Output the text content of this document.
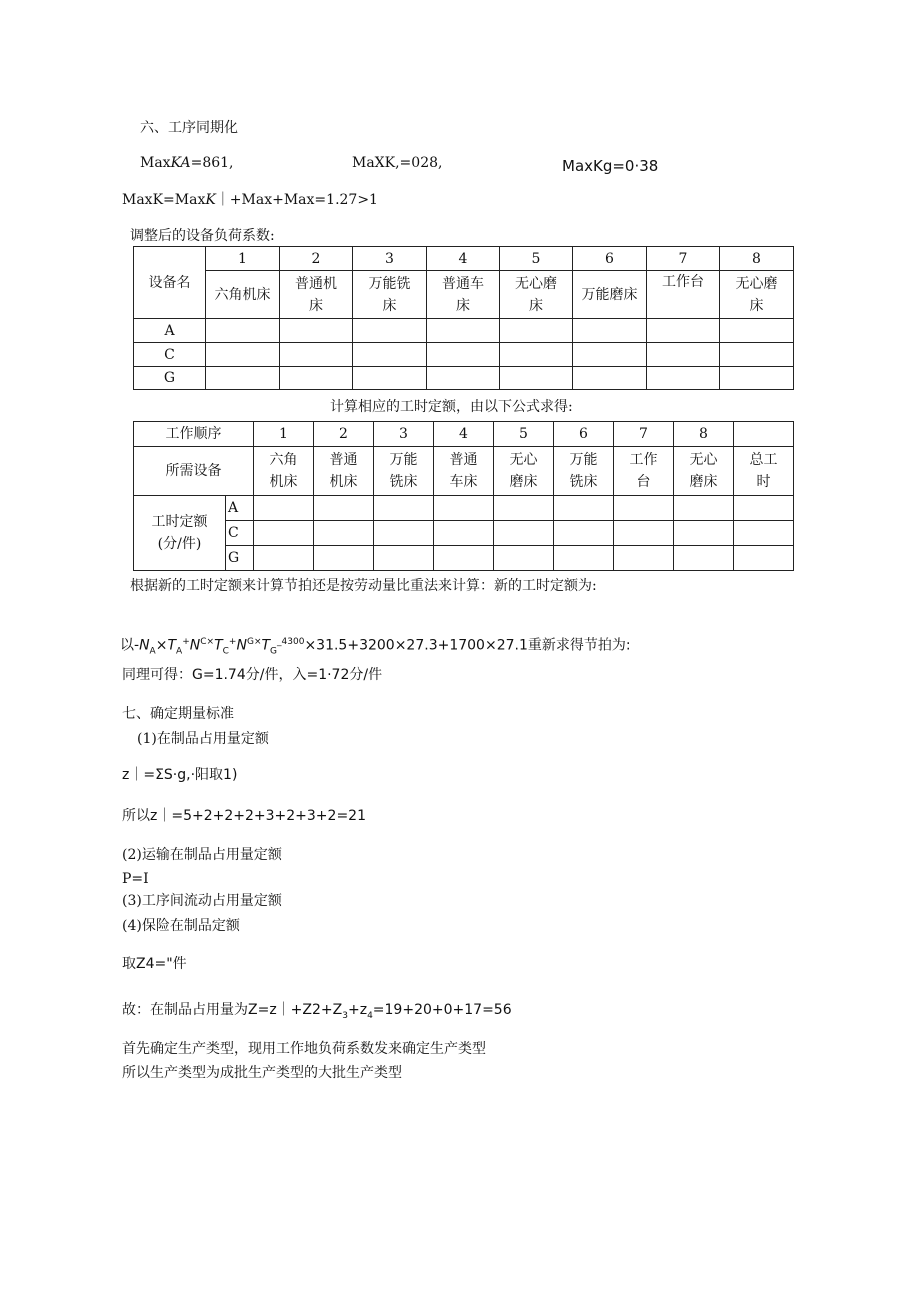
六、工序同期化
MaxKA=861,	MaXK,=028,	MaxKg=0·38
MaxK=MaxK｜+Max+Max=1.27>1
调整后的设备负荷系数:
设备名	1	2	3	4	5	6	7	8
	六角机床	普通机床	万能铣床	普通车床	无心磨床	万能磨床	工作台	无心磨床
A								
C								
G								
计算相应的工时定额，由以下公式求得:
工作顺序		1	2	3	4	5	6	7	8	
所需设备		六角机床	普通机床	万能铣床	普通车床	无心磨床	万能铣床	工作台	无心磨床	总工时
工时定额(分/件)	A									
	C									
	G									
根据新的工时定额来计算节拍还是按劳动量比重法来计算：新的工时定额为:
以$-N_A\times T_A^+N^{C\times}T_C^+N^{G\times}T_G^{\_4300}\times 31.5+3200\times 27.3+1700\times 27.1$重新求得节拍为:
同理可得：G=1.74分/件，入=1·72分/件
七、确定期量标准
(1)在制品占用量定额
z｜=ΣS·g,·阳取1)
所以z｜=5+2+2+2+3+2+3+2=21
(2)运输在制品占用量定额
P=I
(3)工序间流动占用量定额
(4)保险在制品定额
取Z4="件
故：在制品占用量为$Z=z|+Z2+Z_3+z_4=19+20+0+17=56$
首先确定生产类型，现用工作地负荷系数发来确定生产类型
所以生产类型为成批生产类型的大批生产类型
